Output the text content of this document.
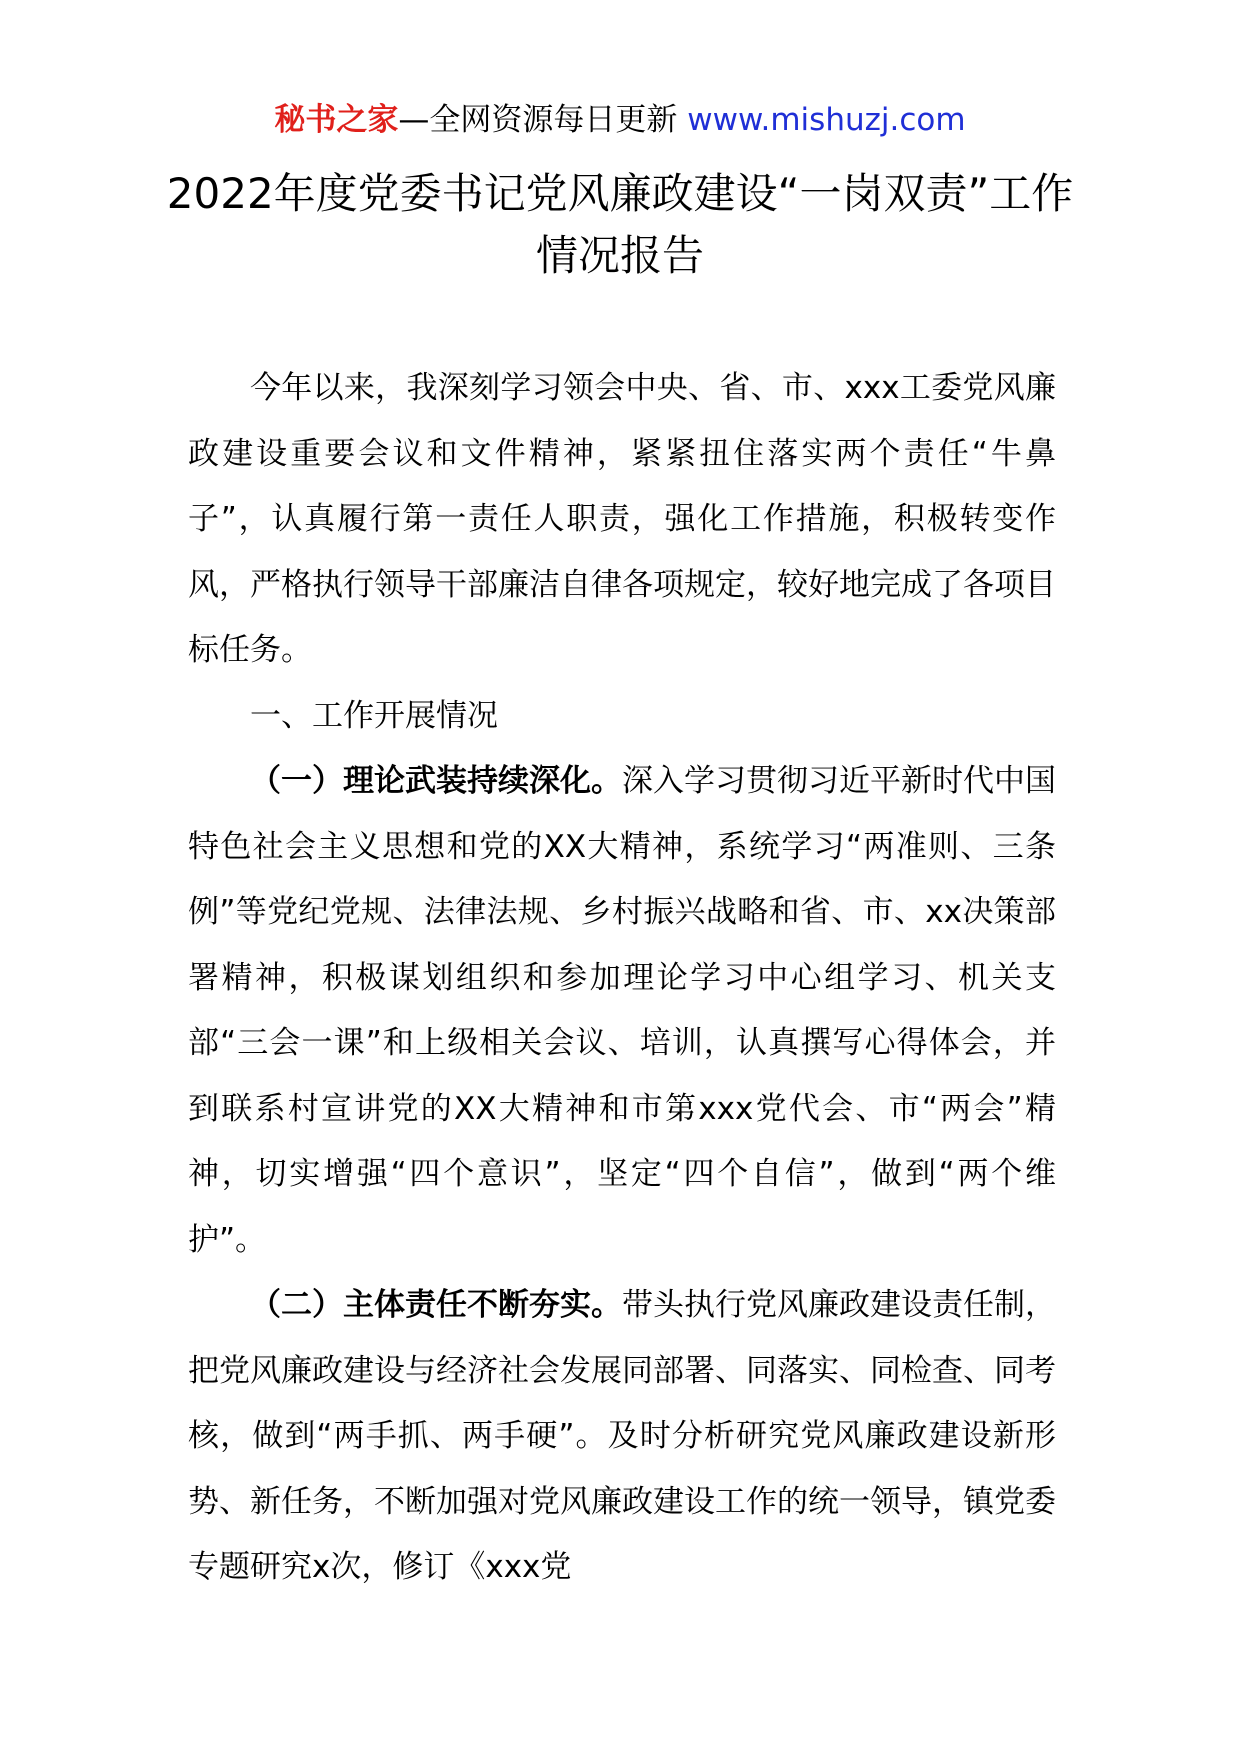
秘书之家—全网资源每日更新 www.mishuzj.com
2022年度党委书记党风廉政建设“一岗双责”工作情况报告

今年以来，我深刻学习领会中央、省、市、xxx工委党风廉政建设重要会议和文件精神，紧紧扭住落实两个责任“牛鼻子”，认真履行第一责任人职责，强化工作措施，积极转变作风，严格执行领导干部廉洁自律各项规定，较好地完成了各项目标任务。

一、工作开展情况

（一）理论武装持续深化。深入学习贯彻习近平新时代中国特色社会主义思想和党的XX大精神，系统学习“两准则、三条例”等党纪党规、法律法规、乡村振兴战略和省、市、xx决策部署精神，积极谋划组织和参加理论学习中心组学习、机关支部“三会一课”和上级相关会议、培训，认真撰写心得体会，并到联系村宣讲党的XX大精神和市第xxx党代会、市“两会”精神，切实增强“四个意识”，坚定“四个自信”，做到“两个维护”。

（二）主体责任不断夯实。带头执行党风廉政建设责任制，把党风廉政建设与经济社会发展同部署、同落实、同检查、同考核，做到“两手抓、两手硬”。及时分析研究党风廉政建设新形势、新任务，不断加强对党风廉政建设工作的统一领导，镇党委专题研究x次，修订《xxx党
